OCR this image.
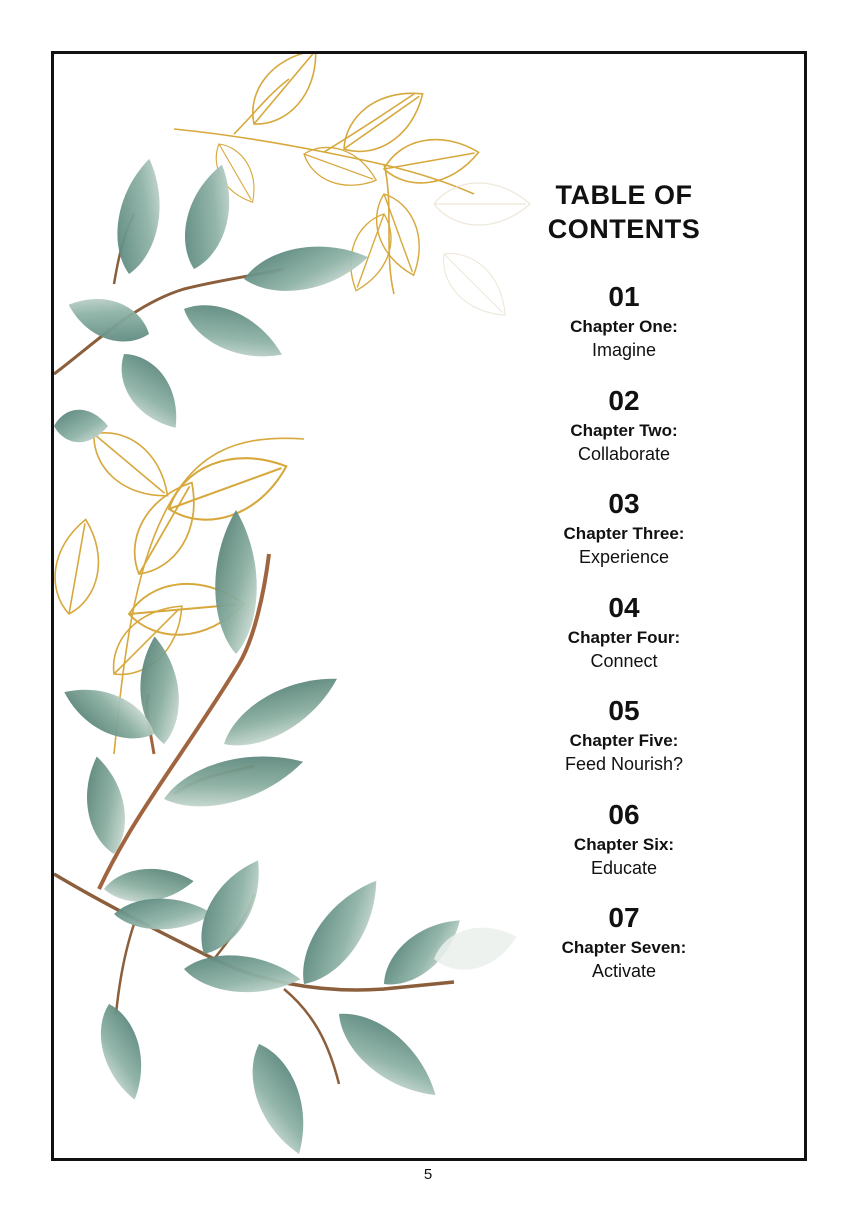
TABLE OF
CONTENTS
01
Chapter One:
Imagine
02
Chapter Two:
Collaborate
03
Chapter Three:
Experience
04
Chapter Four:
Connect
05
Chapter Five:
Feed Nourish?
06
Chapter Six:
Educate
07
Chapter Seven:
Activate
5
